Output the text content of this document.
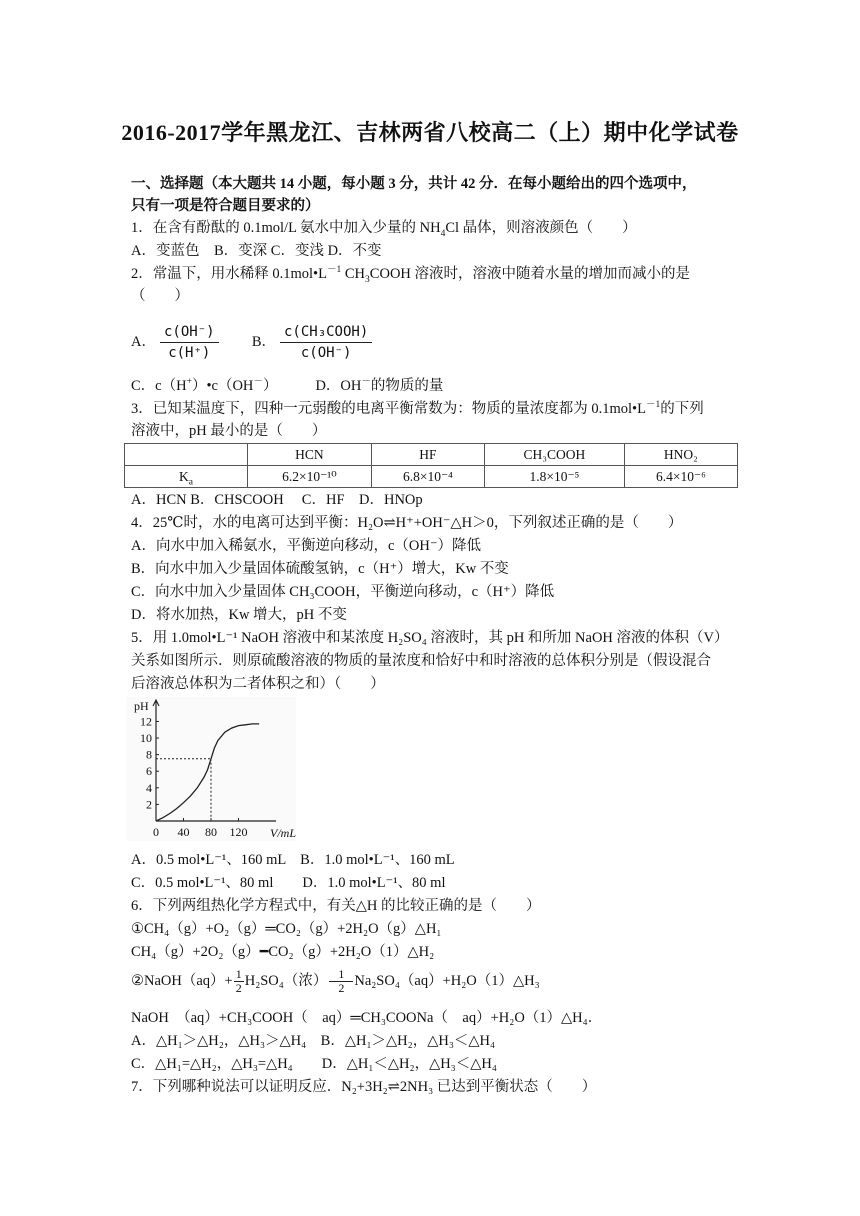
2016-2017学年黑龙江、吉林两省八校高二（上）期中化学试卷
一、选择题（本大题共 14 小题，每小题 3 分，共计 42 分．在每小题给出的四个选项中，
只有一项是符合题目要求的）
1．在含有酚酞的 0.1mol/L 氨水中加入少量的 $NH_4Cl$ 晶体，则溶液颜色（　　）
A．变蓝色　B．变深 C．变浅 D．不变
2．常温下，用水稀释 $0.1mol•L^{-1}$ $CH_3COOH$ 溶液时，溶液中随着水量的增加而减小的是
（　　）
A． $\frac{c(OH^-)}{c(H^+)}$ B． $\frac{\text{c(CH₃COOH)}}{c(OH^-)}$
C．c（H+）•c（OH－）	D．OH－的物质的量
3．已知某温度下，四种一元弱酸的电离平衡常数为：物质的量浓度都为 $0.1mol•L^{-1}$的下列
溶液中，pH 最小的是（　　）
	HCN	HF	CH₃COOH	HNO₂
$K_a$	6.2×10⁻¹⁰	6.8×10⁻⁴	1.8×10⁻⁵	6.4×10⁻⁶
A．HCN B．CHSCOOH　 C．HF　D．HNOp
4．25℃时，水的电离可达到平衡：H₂O⇌H⁺+OH⁻△H＞0，下列叙述正确的是（　　）
A．向水中加入稀氨水，平衡逆向移动，c（OH⁻）降低
B．向水中加入少量固体硫酸氢钠，c（H⁺）增大，Kw 不变
C．向水中加入少量固体 CH₃COOH，平衡逆向移动，c（H⁺）降低
D．将水加热，Kw 增大，pH 不变
5．用 1.0mol•L⁻¹ NaOH 溶液中和某浓度 H₂SO₄ 溶液时，其 pH 和所加 NaOH 溶液的体积（V）
关系如图所示．则原硫酸溶液的物质的量浓度和恰好中和时溶液的总体积分别是（假设混合
后溶液总体积为二者体积之和）（　　）
2
4
6
8
10
12
0 40 80 120
pH
V/mL
A．0.5 mol•L⁻¹、160 mL　B．1.0 mol•L⁻¹、160 mL
C．0.5 mol•L⁻¹、80 ml　　D．1.0 mol•L⁻¹、80 ml
6．下列两组热化学方程式中，有关△H 的比较正确的是（　　）
①CH₄（g）+O₂（g）═CO₂（g）+2H₂O（g）△H₁
CH₄（g）+2O₂（g）━CO₂（g）+2H₂O（1）△H₂
②NaOH（aq）+ $\frac{1}{2} H_2SO_4$（浓） $\frac{1}{2}$ Na₂SO₄（aq）+H₂O（1）△H₃
NaOH　（aq）+CH₃COOH（　aq）═CH₃COONa（　aq）+H₂O（1）△H₄．
A．△H₁＞△H₂，△H₃＞△H₄　B．△H₁＞△H₂，△H₃＜△H₄
C．△H₁=△H₂，△H₃=△H₄　　D．△H₁＜△H₂，△H₃＜△H₄
7．下列哪种说法可以证明反应．N₂+3H₂⇌2NH₃ 已达到平衡状态（　　）
